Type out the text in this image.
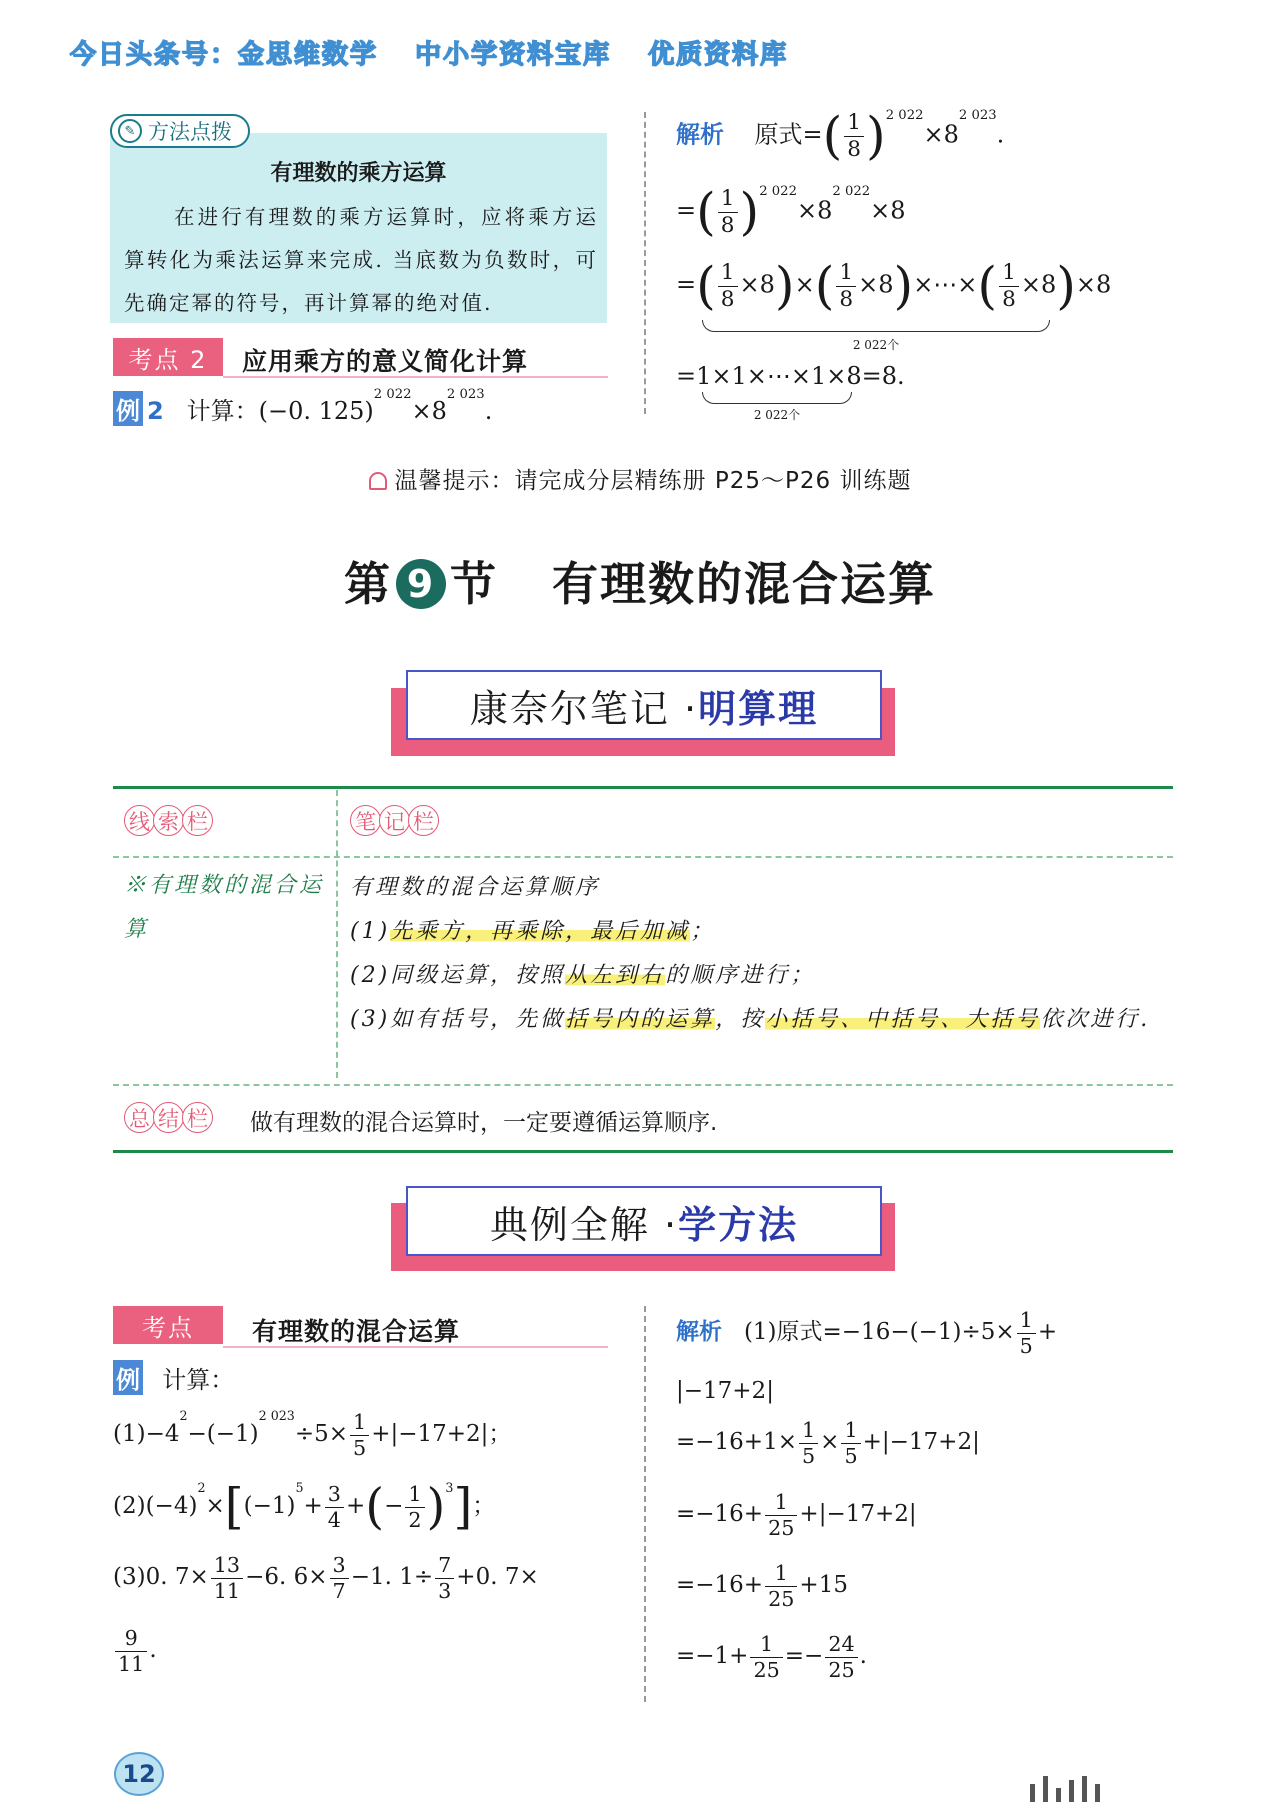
今日头条号：金思维数学 中小学资料宝库 优质资料库
✎ 方法点拨
有理数的乘方运算
在进行有理数的乘方运算时，应将乘方运算转化为乘法运算来完成. 当底数为负数时，可先确定幂的符号，再计算幂的绝对值.
考点 2	应用乘方的意义简化计算
例 2 计算：(−0. $125)^{2 022}\times 8^{2 023}$.
解析 原式=( $\frac{1}{8} )^{2 022}\times 8^{2 023}$.
=( $\frac{1}{8} )^{2 022}\times 8^{2 022}\times 8$
=( $\frac{1}{8} \times 8)\times( \frac{1}{8}$ ×8)×⋯×( $\frac{1}{8} \times 8)\times 8$
2 022个
=1×1×⋯×1×8=8.
2 022个
温馨提示：请完成分层精练册 P25～P26 训练题
第 9 节 有理数的混合运算
康奈尔笔记 · 明算理
线 索 栏	笔 记 栏
※有理数的混合运算
有理数的混合运算顺序
(1)先乘方，再乘除，最后加减；
(2)同级运算，按照从左到右的顺序进行；
(3)如有括号，先做括号内的运算，按小括号、中括号、大括号依次进行.
总 结 栏 做有理数的混合运算时，一定要遵循运算顺序.
典例全解 · 学方法
考点	有理数的混合运算
例 计算：
$(1)-4^2-(-1)^{2 023}\div 5\times \frac{1}{5} +|-17+2|$；
$(2)(-4)^2\times[(-1)^5+ \frac{3}{4}$ +(− $\frac{1}{2} )^3$]；
(3)0. $7\times \frac{13}{11} -6$. $6\times \frac{3}{7} -1$. $1\div \frac{7}{3} +0$. 7×
$\frac{9}{11}$ .
解析 (1)原式$=-16-(-1)\div 5\times \frac{1}{5}$ +
|−17+2|
$=-16+1\times \frac{1}{5} \times \frac{1}{5} +|-17+2|$
$=-16+ \frac{1}{25} +|-17+2|$
$=-16+ \frac{1}{25} +15$
$=-1+ \frac{1}{25} =- \frac{24}{25}$ .
12
